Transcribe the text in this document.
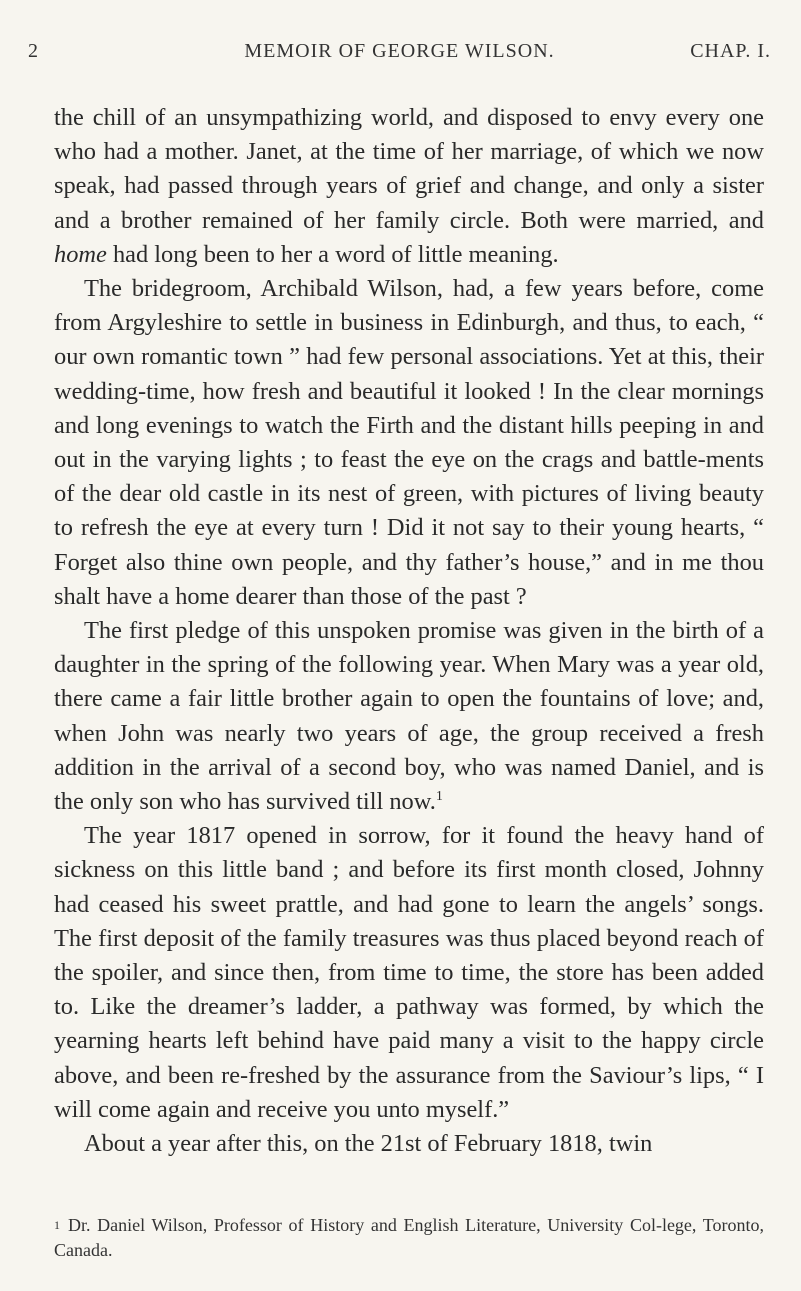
2	MEMOIR OF GEORGE WILSON.	CHAP. I.

the chill of an unsympathizing world, and disposed to envy every one who had a mother. Janet, at the time of her marriage, of which we now speak, had passed through years of grief and change, and only a sister and a brother remained of her family circle. Both were married, and home had long been to her a word of little meaning.

The bridegroom, Archibald Wilson, had, a few years before, come from Argyleshire to settle in business in Edinburgh, and thus, to each, “ our own romantic town ” had few personal associations. Yet at this, their wedding-time, how fresh and beautiful it looked ! In the clear mornings and long evenings to watch the Firth and the distant hills peeping in and out in the varying lights ; to feast the eye on the crags and battle-ments of the dear old castle in its nest of green, with pictures of living beauty to refresh the eye at every turn ! Did it not say to their young hearts, “ Forget also thine own people, and thy father’s house,” and in me thou shalt have a home dearer than those of the past ?

The first pledge of this unspoken promise was given in the birth of a daughter in the spring of the following year. When Mary was a year old, there came a fair little brother again to open the fountains of love; and, when John was nearly two years of age, the group received a fresh addition in the arrival of a second boy, who was named Daniel, and is the only son who has survived till now.$^1$

The year 1817 opened in sorrow, for it found the heavy hand of sickness on this little band ; and before its first month closed, Johnny had ceased his sweet prattle, and had gone to learn the angels’ songs. The first deposit of the family treasures was thus placed beyond reach of the spoiler, and since then, from time to time, the store has been added to. Like the dreamer’s ladder, a pathway was formed, by which the yearning hearts left behind have paid many a visit to the happy circle above, and been re-freshed by the assurance from the Saviour’s lips, “ I will come again and receive you unto myself.”

About a year after this, on the 21st of February 1818, twin

$^1$ Dr. Daniel Wilson, Professor of History and English Literature, University Col-lege, Toronto, Canada.
